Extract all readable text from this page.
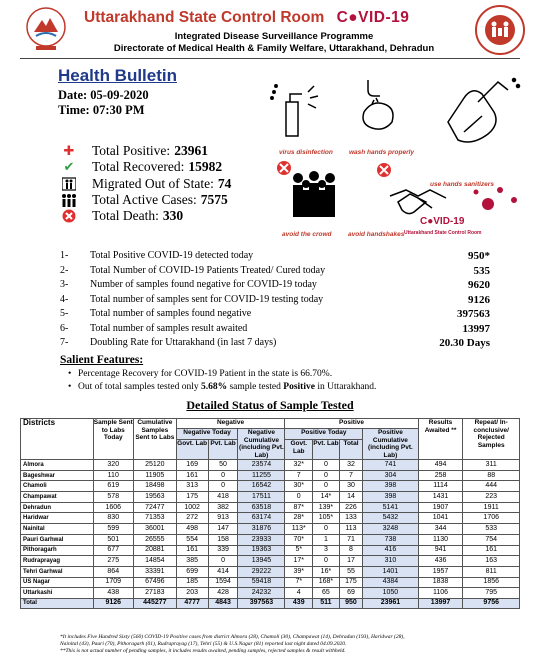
Uttarakhand State Control Room C●VID-19
Integrated Disease Surveillance Programme
Directorate of Medical Health & Family Welfare, Uttarakhand, Dehradun
Health Bulletin
Date: 05-09-2020
Time: 07:30 PM
✚ Total Positive: 23961
✔ Total Recovered: 15982
Migrated Out of State: 74
Total Active Cases: 7575
Total Death: 330
virus disinfection wash hands properly
use hands sanitizers
avoid the crowd	avoid handshakes
C●VID-19
Uttarakhand State Control Room
1- Total Positive COVID-19 detected today	950*
2- Total Number of COVID-19 Patients Treated/ Cured today	535
3- Number of samples found negative for COVID-19 today	9620
4- Total number of samples sent for COVID-19 testing today	9126
5- Total number of samples found negative	397563
6- Total number of samples result awaited	13997
7- Doubling Rate for Uttarakhand (in last 7 days)	20.30 Days
Salient Features:
• Percentage Recovery for COVID-19 Patient in the state is 66.70%.
• Out of total samples tested only 5.68% sample tested Positive in Uttarakhand.
Detailed Status of Sample Tested
Districts	Sample Sent to Labs Today	Cumulative Samples Sent to Labs	Negative			Positive				Results Awaited **	Repeat/ In-conclusive/ Rejected Samples
			Negative Today		Negative Cumulative (including Pvt. Lab)	Positive Today			Positive Cumulative (including Pvt. Lab)		
			Govt. Lab	Pvt. Lab		Govt. Lab	Pvt. Lab	Total			
Almora	320	25120	169	50	23574	32*	0	32	741	494	311
Bageshwar	110	11905	161	0	11255	7	0	7	304	258	88
Chamoli	619	18498	313	0	16542	30*	0	30	398	1114	444
Champawat	578	19563	175	418	17511	0	14*	14	398	1431	223
Dehradun	1606	72477	1002	382	63518	87*	139*	226	5141	1907	1911
Haridwar	830	71353	272	913	63174	28*	105*	133	5432	1041	1706
Nainital	599	36001	498	147	31876	113*	0	113	3248	344	533
Pauri Garhwal	501	26555	554	158	23933	70*	1	71	738	1130	754
Pithoragarh	677	20881	161	339	19363	5*	3	8	416	941	161
Rudraprayag	275	14854	385	0	13945	17*	0	17	310	436	163
Tehri Garhwal	864	33391	699	414	29222	39*	16*	55	1401	1957	811
US Nagar	1709	67496	185	1594	59418	7*	168*	175	4384	1838	1856
Uttarkashi	438	27183	203	428	24232	4	65	69	1050	1106	795
Total	9126	445277	4777	4843	397563	439	511	950	23961	13997	9756
*It includes Five Hundred Sixty (560) COVID-19 Positive cases from district Almora (28), Chamoli (30), Champawat (14), Dehradun (193), Haridwar (28),
Nainital (43), Pauri (70), Pithoragarh (01), Rudraprayag (17), Tehri (55) & U.S.Nagar (81) reported last night dated 04.09.2020.
**This is not actual number of pending samples, it includes results awaited, pending samples, rejected samples & result withheld.
